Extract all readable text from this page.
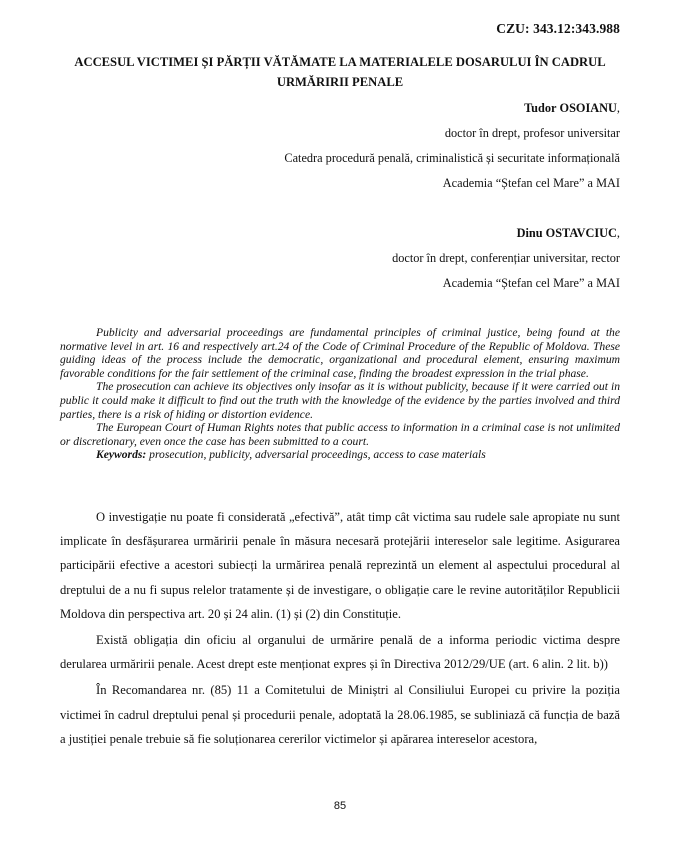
CZU: 343.12:343.988
ACCESUL VICTIMEI ȘI PĂRȚII VĂTĂMATE LA MATERIALELE DOSARULUI ÎN CADRUL
URMĂRIRII PENALE
Tudor OSOIANU,
doctor în drept, profesor universitar
Catedra procedură penală, criminalistică și securitate informațională
Academia “Ștefan cel Mare” a MAI
Dinu OSTAVCIUC,
doctor în drept, conferențiar universitar, rector
Academia “Ștefan cel Mare” a MAI

Publicity and adversarial proceedings are fundamental principles of criminal justice, being found at the normative level in art. 16 and respectively art.24 of the Code of Criminal Procedure of the Republic of Moldova. These guiding ideas of the process include the democratic, organizational and procedural element, ensuring maximum favorable conditions for the fair settlement of the criminal case, finding the broadest expression in the trial phase.

The prosecution can achieve its objectives only insofar as it is without publicity, because if it were carried out in public it could make it difficult to find out the truth with the knowledge of the evidence by the parties involved and third parties, there is a risk of hiding or distortion evidence.

The European Court of Human Rights notes that public access to information in a criminal case is not unlimited or discretionary, even once the case has been submitted to a court.

Keywords: prosecution, publicity, adversarial proceedings, access to case materials

O investigație nu poate fi considerată „efectivă”, atât timp cât victima sau rudele sale apropiate nu sunt implicate în desfășurarea urmăririi penale în măsura necesară protejării intereselor sale legitime. Asigurarea participării efective a acestori subiecți la urmărirea penală reprezintă un element al aspectului procedural al dreptului de a nu fi supus relelor tratamente și de investigare, o obligație care le revine autorităților Republicii Moldova din perspectiva art. 20 și 24 alin. (1) și (2) din Constituție.

Există obligația din oficiu al organului de urmărire penală de a informa periodic victima despre derularea urmăririi penale. Acest drept este menționat expres și în Directiva 2012/29/UE (art. 6 alin. 2 lit. b))

În Recomandarea nr. (85) 11 a Comitetului de Miniștri al Consiliului Europei cu privire la poziția victimei în cadrul dreptului penal și procedurii penale, adoptată la 28.06.1985, se subliniază că funcția de bază a justiției penale trebuie să fie soluționarea cererilor victimelor și apărarea intereselor acestora,

85
